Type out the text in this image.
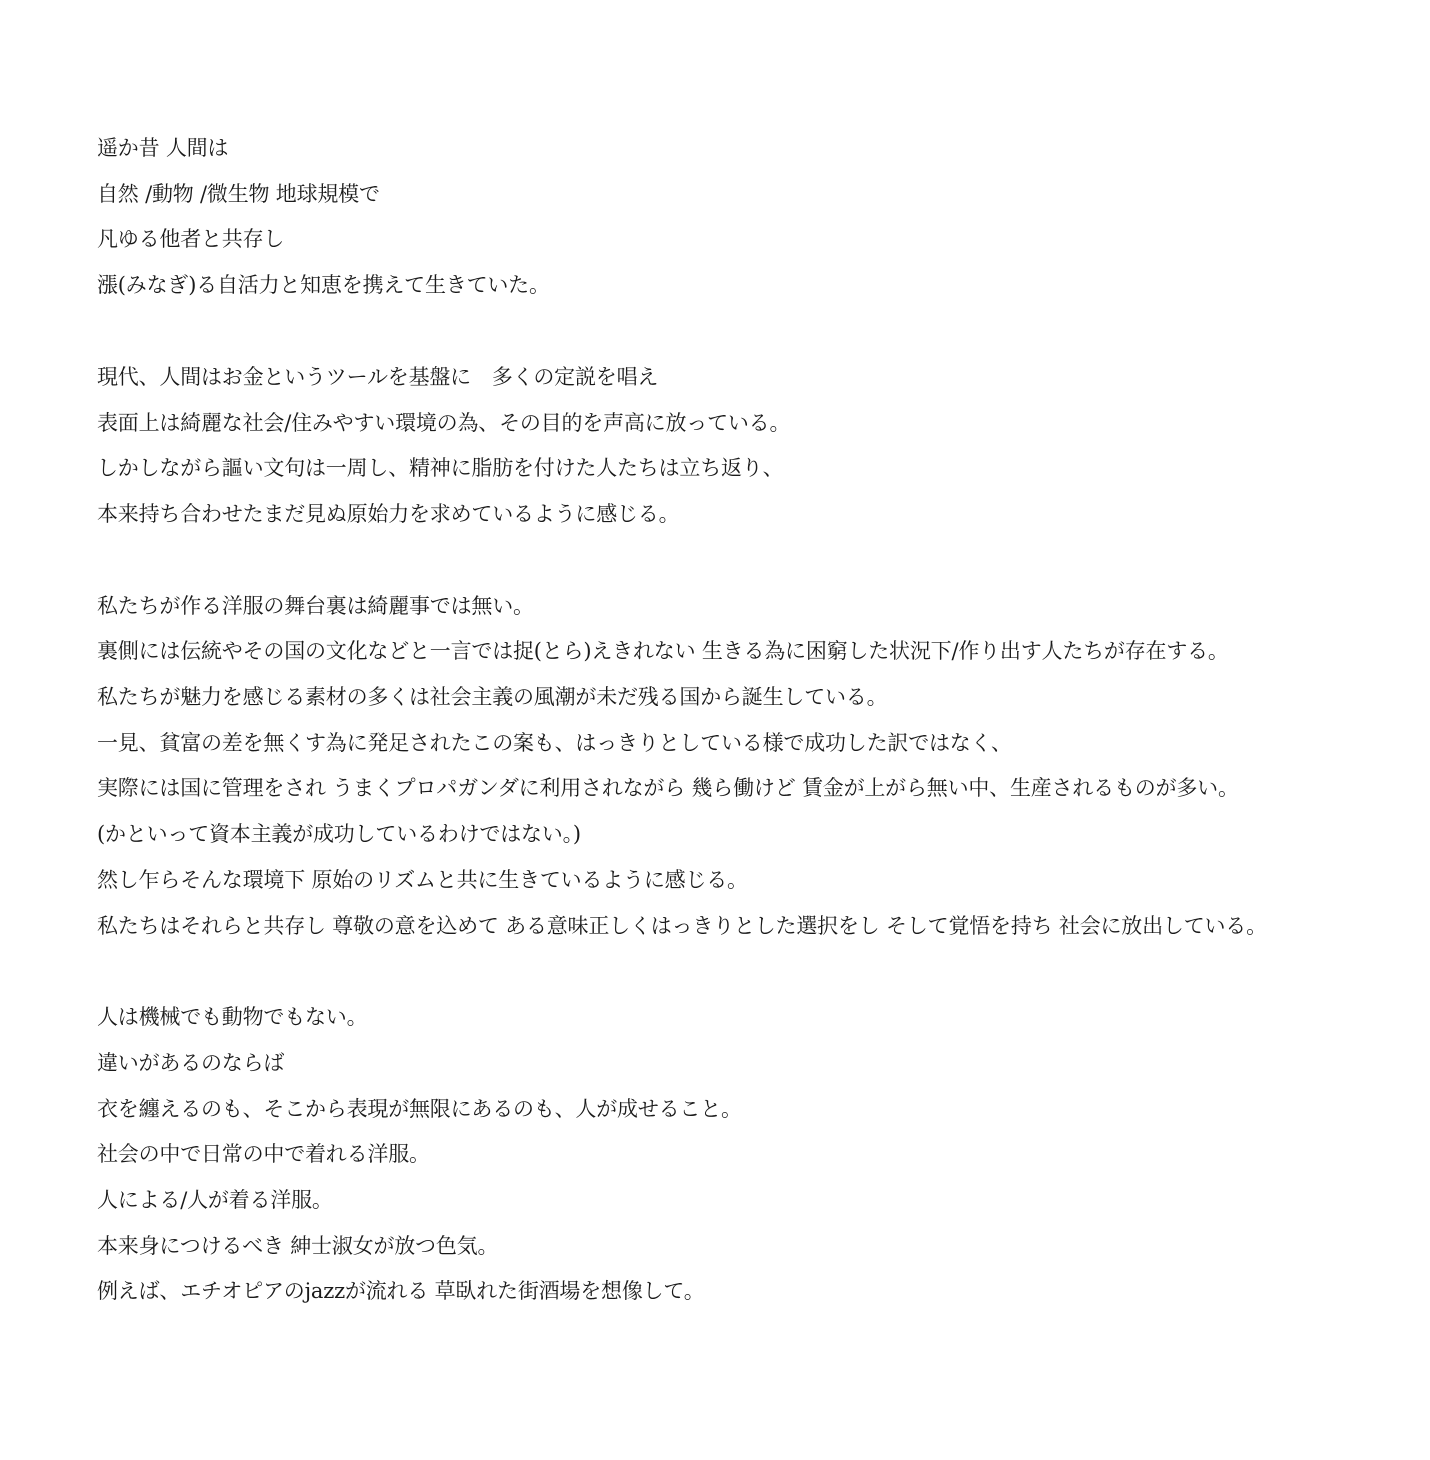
遥か昔 人間は
自然 /動物 /微生物 地球規模で
凡ゆる他者と共存し
漲(みなぎ)る自活力と知恵を携えて生きていた。
現代、人間はお金というツールを基盤に　多くの定説を唱え
表面上は綺麗な社会/住みやすい環境の為、その目的を声高に放っている。
しかしながら謳い文句は一周し、精神に脂肪を付けた人たちは立ち返り、
本来持ち合わせたまだ見ぬ原始力を求めているように感じる。
私たちが作る洋服の舞台裏は綺麗事では無い。
裏側には伝統やその国の文化などと一言では捉(とら)えきれない 生きる為に困窮した状況下/作り出す人たちが存在する。
私たちが魅力を感じる素材の多くは社会主義の風潮が未だ残る国から誕生している。
一見、貧富の差を無くす為に発足されたこの案も、はっきりとしている様で成功した訳ではなく、
実際には国に管理をされ うまくプロパガンダに利用されながら 幾ら働けど 賃金が上がら無い中、生産されるものが多い。
(かといって資本主義が成功しているわけではない。)
然し乍らそんな環境下 原始のリズムと共に生きているように感じる。
私たちはそれらと共存し 尊敬の意を込めて ある意味正しくはっきりとした選択をし そして覚悟を持ち 社会に放出している。
人は機械でも動物でもない。
違いがあるのならば
衣を纏えるのも、そこから表現が無限にあるのも、人が成せること。
社会の中で日常の中で着れる洋服。
人による/人が着る洋服。
本来身につけるべき 紳士淑女が放つ色気。
例えば、エチオピアのjazzが流れる 草臥れた街酒場を想像して。
